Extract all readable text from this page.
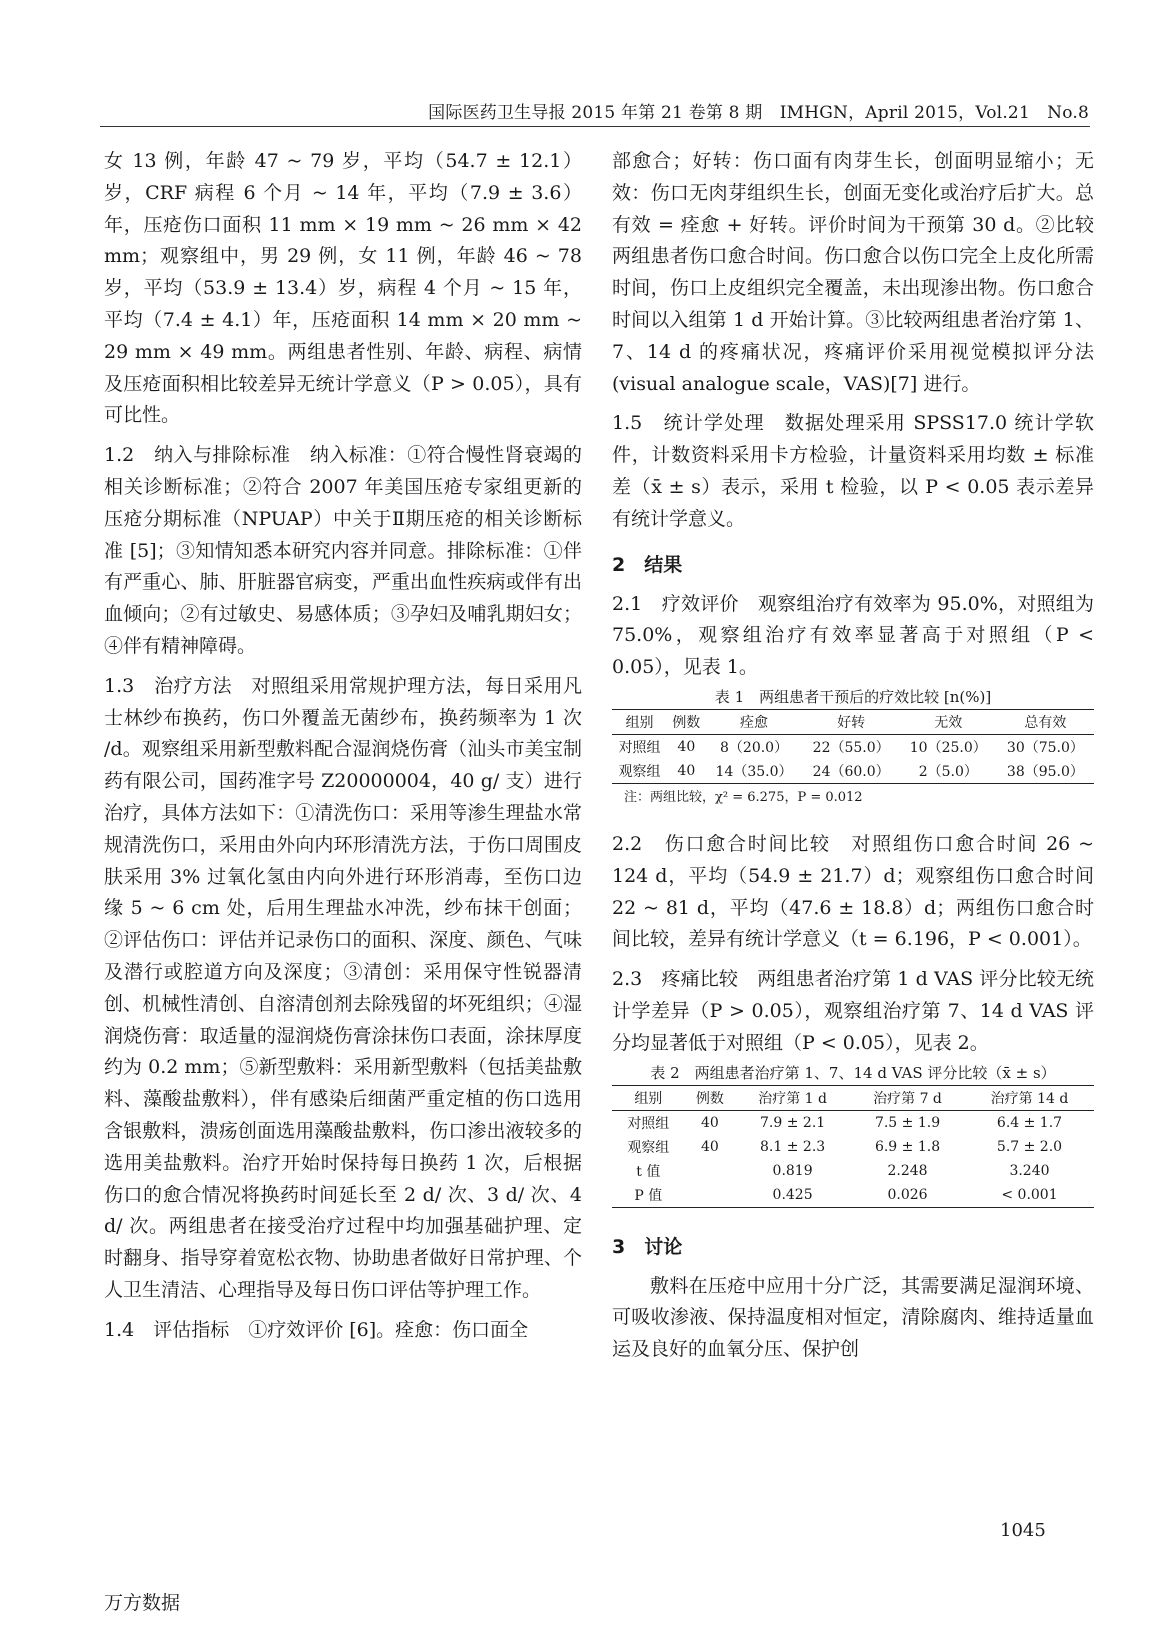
国际医药卫生导报 2015 年第 21 卷第 8 期　IMHGN，April 2015，Vol.21　No.8

女 13 例，年龄 47 ~ 79 岁，平均（54.7 ± 12.1）岁，CRF 病程 6 个月 ~ 14 年，平均（7.9 ± 3.6）年，压疮伤口面积 11 mm × 19 mm ~ 26 mm × 42 mm；观察组中，男 29 例，女 11 例，年龄 46 ~ 78 岁，平均（53.9 ± 13.4）岁，病程 4 个月 ~ 15 年，平均（7.4 ± 4.1）年，压疮面积 14 mm × 20 mm ~ 29 mm × 49 mm。两组患者性别、年龄、病程、病情及压疮面积相比较差异无统计学意义（P > 0.05），具有可比性。

1.2　纳入与排除标准　纳入标准：①符合慢性肾衰竭的相关诊断标准；②符合 2007 年美国压疮专家组更新的压疮分期标准（NPUAP）中关于Ⅱ期压疮的相关诊断标准 [5]；③知情知悉本研究内容并同意。排除标准：①伴有严重心、肺、肝脏器官病变，严重出血性疾病或伴有出血倾向；②有过敏史、易感体质；③孕妇及哺乳期妇女；④伴有精神障碍。

1.3　治疗方法　对照组采用常规护理方法，每日采用凡士林纱布换药，伤口外覆盖无菌纱布，换药频率为 1 次 /d。观察组采用新型敷料配合湿润烧伤膏（汕头市美宝制药有限公司，国药准字号 Z20000004，40 g/ 支）进行治疗，具体方法如下：①清洗伤口：采用等渗生理盐水常规清洗伤口，采用由外向内环形清洗方法，于伤口周围皮肤采用 3% 过氧化氢由内向外进行环形消毒，至伤口边缘 5 ~ 6 cm 处，后用生理盐水冲洗，纱布抹干创面；②评估伤口：评估并记录伤口的面积、深度、颜色、气味及潜行或腔道方向及深度；③清创：采用保守性锐器清创、机械性清创、自溶清创剂去除残留的坏死组织；④湿润烧伤膏：取适量的湿润烧伤膏涂抹伤口表面，涂抹厚度约为 0.2 mm；⑤新型敷料：采用新型敷料（包括美盐敷料、藻酸盐敷料），伴有感染后细菌严重定植的伤口选用含银敷料，溃疡创面选用藻酸盐敷料，伤口渗出液较多的选用美盐敷料。治疗开始时保持每日换药 1 次，后根据伤口的愈合情况将换药时间延长至 2 d/ 次、3 d/ 次、4 d/ 次。两组患者在接受治疗过程中均加强基础护理、定时翻身、指导穿着宽松衣物、协助患者做好日常护理、个人卫生清洁、心理指导及每日伤口评估等护理工作。

1.4　评估指标　①疗效评价 [6]。痊愈：伤口面全

部愈合；好转：伤口面有肉芽生长，创面明显缩小；无效：伤口无肉芽组织生长，创面无变化或治疗后扩大。总有效 = 痊愈 + 好转。评价时间为干预第 30 d。②比较两组患者伤口愈合时间。伤口愈合以伤口完全上皮化所需时间，伤口上皮组织完全覆盖，未出现渗出物。伤口愈合时间以入组第 1 d 开始计算。③比较两组患者治疗第 1、7、14 d 的疼痛状况，疼痛评价采用视觉模拟评分法 (visual analogue scale，VAS)[7] 进行。

1.5　统计学处理　数据处理采用 SPSS17.0 统计学软件，计数资料采用卡方检验，计量资料采用均数 ± 标准差（x̄ ± s）表示，采用 t 检验，以 P < 0.05 表示差异有统计学意义。

2　结果

2.1　疗效评价　观察组治疗有效率为 95.0%，对照组为 75.0%，观察组治疗有效率显著高于对照组（P < 0.05），见表 1。

表 1　两组患者干预后的疗效比较 [n(%)]
组别	例数	痊愈	好转	无效	总有效
对照组	40	8（20.0）	22（55.0）	10（25.0）	30（75.0）
观察组	40	14（35.0）	24（60.0）	2（5.0）	38（95.0）
注：两组比较，χ² = 6.275，P = 0.012

2.2　伤口愈合时间比较　对照组伤口愈合时间 26 ~ 124 d，平均（54.9 ± 21.7）d；观察组伤口愈合时间 22 ~ 81 d，平均（47.6 ± 18.8）d；两组伤口愈合时间比较，差异有统计学意义（t = 6.196，P < 0.001）。

2.3　疼痛比较　两组患者治疗第 1 d VAS 评分比较无统计学差异（P > 0.05），观察组治疗第 7、14 d VAS 评分均显著低于对照组（P < 0.05），见表 2。

表 2　两组患者治疗第 1、7、14 d VAS 评分比较（x̄ ± s）
组别	例数	治疗第 1 d	治疗第 7 d	治疗第 14 d
对照组	40	7.9 ± 2.1	7.5 ± 1.9	6.4 ± 1.7
观察组	40	8.1 ± 2.3	6.9 ± 1.8	5.7 ± 2.0
t 值		0.819	2.248	3.240
P 值		0.425	0.026	< 0.001
3　讨论

敷料在压疮中应用十分广泛，其需要满足湿润环境、可吸收渗液、保持温度相对恒定，清除腐肉、维持适量血运及良好的血氧分压、保护创

1045
万方数据
